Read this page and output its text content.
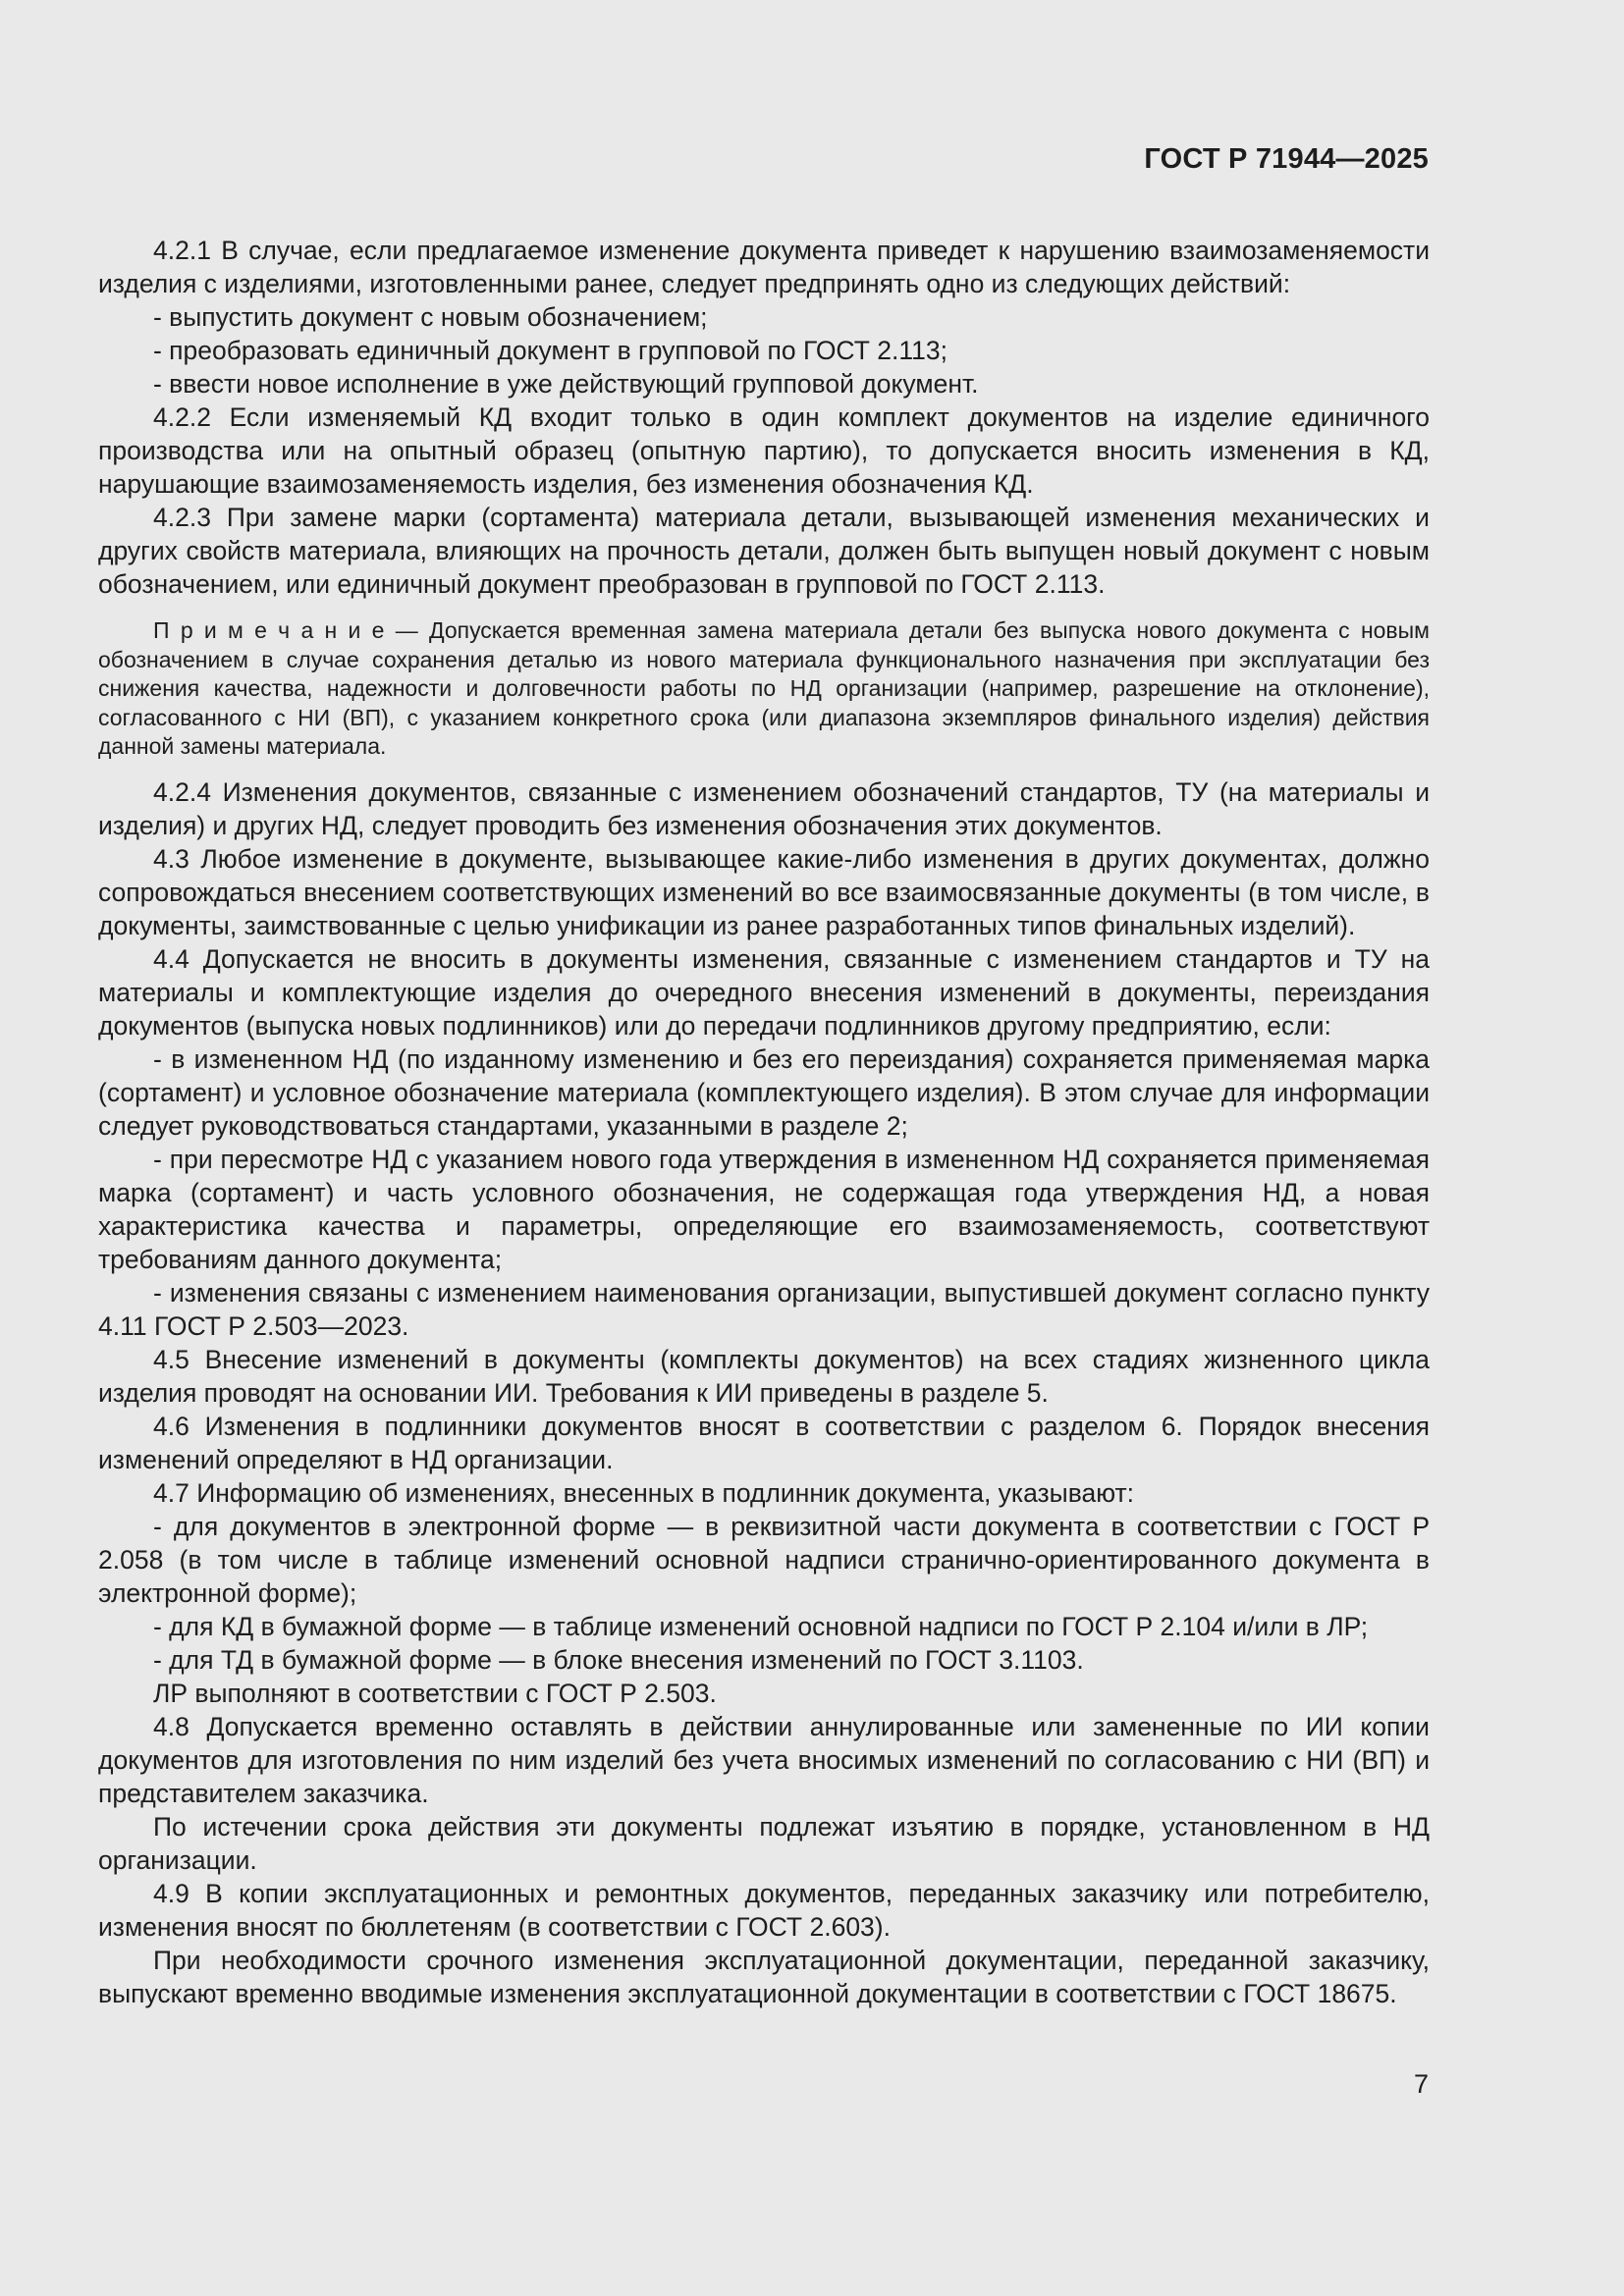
ГОСТ Р 71944—2025

4.2.1 В случае, если предлагаемое изменение документа приведет к нарушению взаимозаменяемости изделия с изделиями, изготовленными ранее, следует предпринять одно из следующих действий:

- выпустить документ с новым обозначением;

- преобразовать единичный документ в групповой по ГОСТ 2.113;

- ввести новое исполнение в уже действующий групповой документ.

4.2.2 Если изменяемый КД входит только в один комплект документов на изделие единичного производства или на опытный образец (опытную партию), то допускается вносить изменения в КД, нарушающие взаимозаменяемость изделия, без изменения обозначения КД.

4.2.3 При замене марки (сортамента) материала детали, вызывающей изменения механических и других свойств материала, влияющих на прочность детали, должен быть выпущен новый документ с новым обозначением, или единичный документ преобразован в групповой по ГОСТ 2.113.

П р и м е ч а н и е — Допускается временная замена материала детали без выпуска нового документа с новым обозначением в случае сохранения деталью из нового материала функционального назначения при эксплуатации без снижения качества, надежности и долговечности работы по НД организации (например, разрешение на отклонение), согласованного с НИ (ВП), с указанием конкретного срока (или диапазона экземпляров финального изделия) действия данной замены материала.

4.2.4 Изменения документов, связанные с изменением обозначений стандартов, ТУ (на материалы и изделия) и других НД, следует проводить без изменения обозначения этих документов.

4.3 Любое изменение в документе, вызывающее какие-либо изменения в других документах, должно сопровождаться внесением соответствующих изменений во все взаимосвязанные документы (в том числе, в документы, заимствованные с целью унификации из ранее разработанных типов финальных изделий).

4.4 Допускается не вносить в документы изменения, связанные с изменением стандартов и ТУ на материалы и комплектующие изделия до очередного внесения изменений в документы, переиздания документов (выпуска новых подлинников) или до передачи подлинников другому предприятию, если:

- в измененном НД (по изданному изменению и без его переиздания) сохраняется применяемая марка (сортамент) и условное обозначение материала (комплектующего изделия). В этом случае для информации следует руководствоваться стандартами, указанными в разделе 2;

- при пересмотре НД с указанием нового года утверждения в измененном НД сохраняется применяемая марка (сортамент) и часть условного обозначения, не содержащая года утверждения НД, а новая характеристика качества и параметры, определяющие его взаимозаменяемость, соответствуют требованиям данного документа;

- изменения связаны с изменением наименования организации, выпустившей документ согласно пункту 4.11 ГОСТ Р 2.503—2023.

4.5 Внесение изменений в документы (комплекты документов) на всех стадиях жизненного цикла изделия проводят на основании ИИ. Требования к ИИ приведены в разделе 5.

4.6 Изменения в подлинники документов вносят в соответствии с разделом 6. Порядок внесения изменений определяют в НД организации.

4.7 Информацию об изменениях, внесенных в подлинник документа, указывают:

- для документов в электронной форме — в реквизитной части документа в соответствии с ГОСТ Р 2.058 (в том числе в таблице изменений основной надписи странично-ориентированного документа в электронной форме);

- для КД в бумажной форме — в таблице изменений основной надписи по ГОСТ Р 2.104 и/или в ЛР;

- для ТД в бумажной форме — в блоке внесения изменений по ГОСТ 3.1103.

ЛР выполняют в соответствии с ГОСТ Р 2.503.

4.8 Допускается временно оставлять в действии аннулированные или замененные по ИИ копии документов для изготовления по ним изделий без учета вносимых изменений по согласованию с НИ (ВП) и представителем заказчика.

По истечении срока действия эти документы подлежат изъятию в порядке, установленном в НД организации.

4.9 В копии эксплуатационных и ремонтных документов, переданных заказчику или потребителю, изменения вносят по бюллетеням (в соответствии с ГОСТ 2.603).

При необходимости срочного изменения эксплуатационной документации, переданной заказчику, выпускают временно вводимые изменения эксплуатационной документации в соответствии с ГОСТ 18675.

7
